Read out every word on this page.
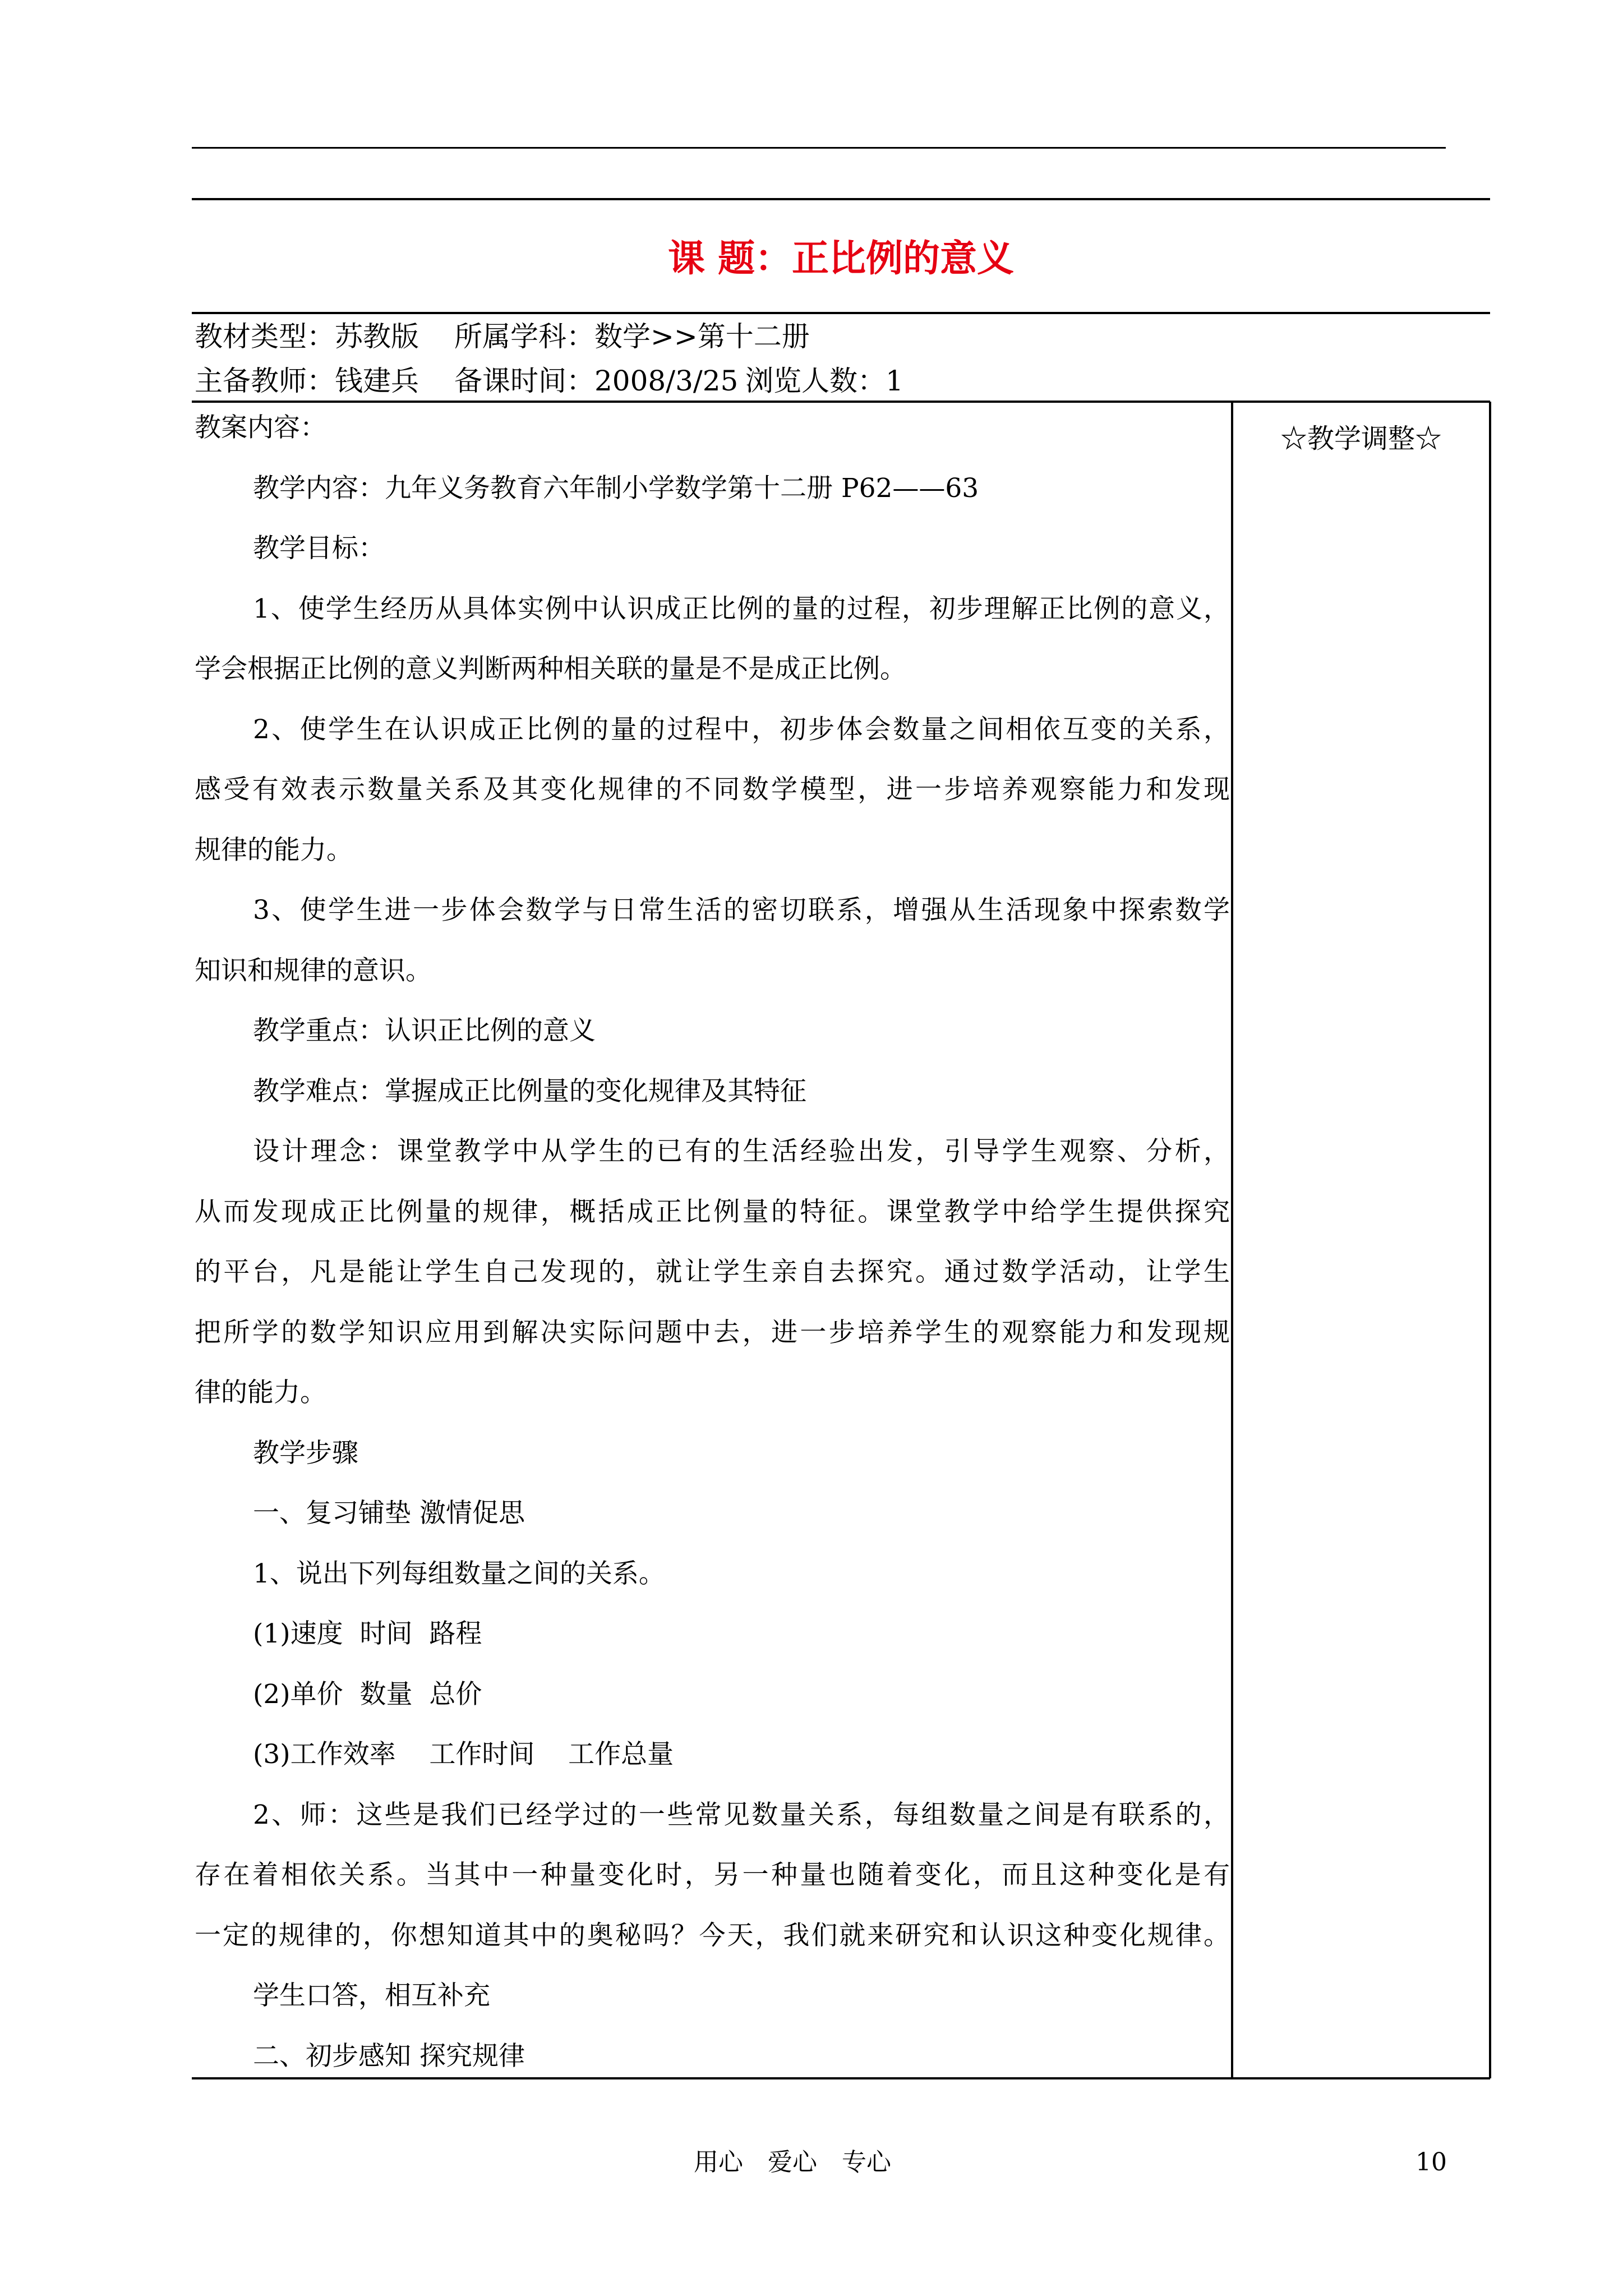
课 题：正比例的意义
教材类型：苏教版 所属学科：数学>>第十二册
主备教师：钱建兵 备课时间：2008/3/25 浏览人数：1
教案内容：
教学内容：九年义务教育六年制小学数学第十二册 P62——63
教学目标：
1、使学生经历从具体实例中认识成正比例的量的过程，初步理解正比例的意义，
学会根据正比例的意义判断两种相关联的量是不是成正比例。
2、使学生在认识成正比例的量的过程中，初步体会数量之间相依互变的关系，
感受有效表示数量关系及其变化规律的不同数学模型，进一步培养观察能力和发现
规律的能力。
3、使学生进一步体会数学与日常生活的密切联系，增强从生活现象中探索数学
知识和规律的意识。
教学重点：认识正比例的意义
教学难点：掌握成正比例量的变化规律及其特征
设计理念：课堂教学中从学生的已有的生活经验出发，引导学生观察、分析，
从而发现成正比例量的规律，概括成正比例量的特征。课堂教学中给学生提供探究
的平台，凡是能让学生自己发现的，就让学生亲自去探究。通过数学活动，让学生
把所学的数学知识应用到解决实际问题中去，进一步培养学生的观察能力和发现规
律的能力。
教学步骤
一、复习铺垫 激情促思
1、说出下列每组数量之间的关系。
(1)速度  时间  路程
(2)单价  数量  总价
(3)工作效率    工作时间    工作总量
2、师：这些是我们已经学过的一些常见数量关系，每组数量之间是有联系的，
存在着相依关系。当其中一种量变化时，另一种量也随着变化，而且这种变化是有
一定的规律的，你想知道其中的奥秘吗？今天，我们就来研究和认识这种变化规律。
学生口答，相互补充
二、初步感知 探究规律
☆教学调整☆
用心 爱心 专心	10
